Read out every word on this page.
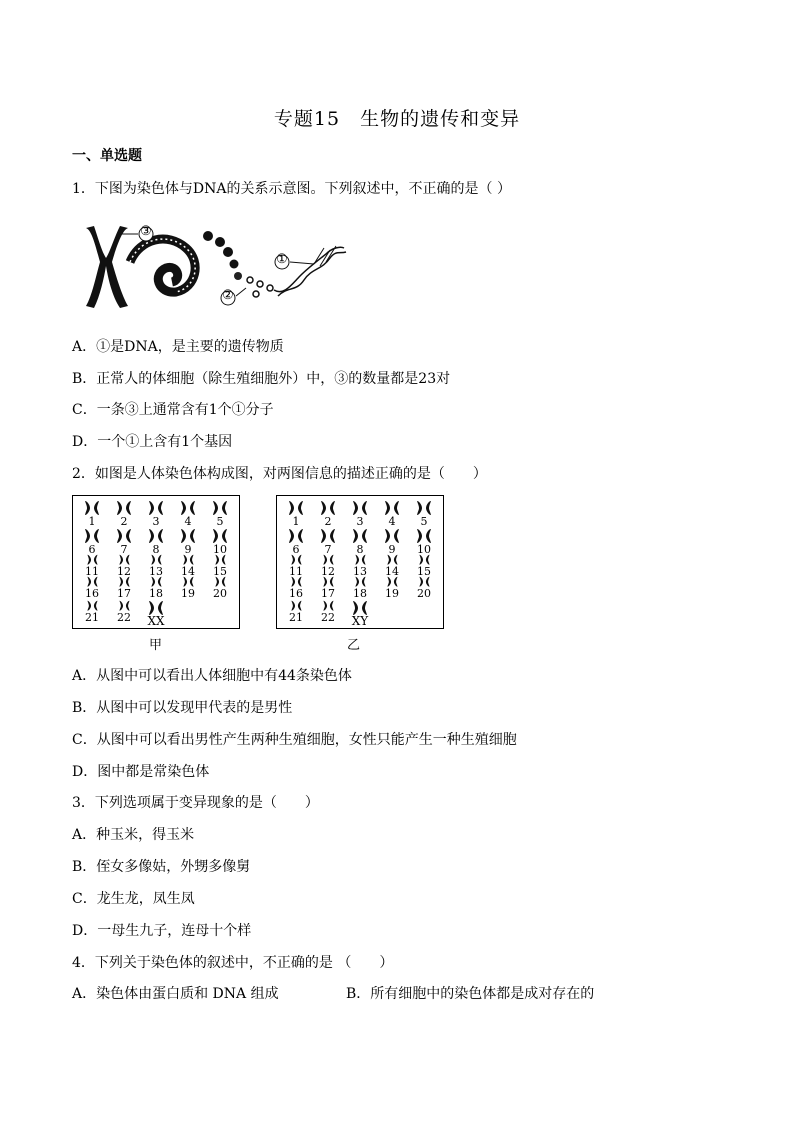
专题15　生物的遗传和变异
一、单选题
1．下图为染色体与DNA的关系示意图。下列叙述中，不正确的是（ ）
③
①
②
A．①是DNA，是主要的遗传物质
B．正常人的体细胞（除生殖细胞外）中，③的数量都是23对
C．一条③上通常含有1个①分子
D．一个①上含有1个基因
2．如图是人体染色体构成图，对两图信息的描述正确的是（　　）
1	2	3	4	5
6	7	8	9	10
11	12	13	14	15
16	17	18	19	20
21	22	XX
甲
1	2	3	4	5
6	7	8	9	10
11	12	13	14	15
16	17	18	19	20
21	22	XY
乙
A．从图中可以看出人体细胞中有44条染色体
B．从图中可以发现甲代表的是男性
C．从图中可以看出男性产生两种生殖细胞，女性只能产生一种生殖细胞
D．图中都是常染色体
3．下列选项属于变异现象的是（　　）
A．种玉米，得玉米
B．侄女多像姑，外甥多像舅
C．龙生龙，凤生凤
D．一母生九子，连母十个样
4．下列关于染色体的叙述中，不正确的是 （　　）
A．染色体由蛋白质和 DNA 组成	B．所有细胞中的染色体都是成对存在的
